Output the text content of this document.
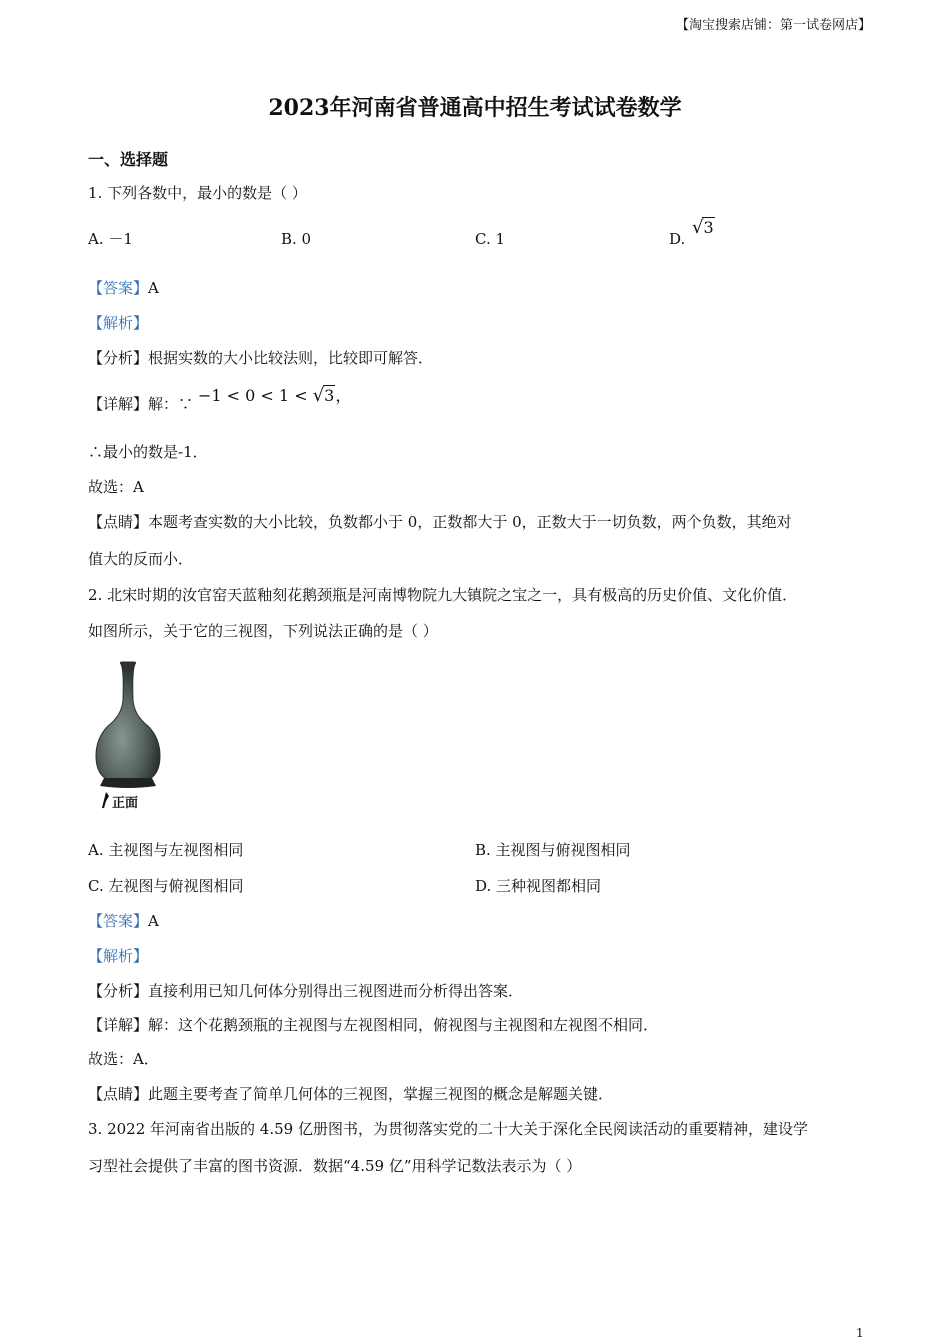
【淘宝搜索店铺：第一试卷网店】
2023年河南省普通高中招生考试试卷数学
一、选择题
1. 下列各数中，最小的数是（ ）
A. －1	B. 0	C. 1	D.
√3
【答案】A
【解析】
【分析】根据实数的大小比较法则，比较即可解答．
【详解】解：∵ −1 < 0 < 1 < √3，
∴最小的数是-1．
故选：A
【点睛】本题考查实数的大小比较，负数都小于 0，正数都大于 0，正数大于一切负数，两个负数，其绝对
值大的反而小．
2. 北宋时期的汝官窑天蓝釉刻花鹅颈瓶是河南博物院九大镇院之宝之一，具有极高的历史价值、文化价值．
如图所示，关于它的三视图，下列说法正确的是（ ）
正面
A. 主视图与左视图相同	B. 主视图与俯视图相同
C. 左视图与俯视图相同	D. 三种视图都相同
【答案】A
【解析】
【分析】直接利用已知几何体分别得出三视图进而分析得出答案．
【详解】解：这个花鹅颈瓶的主视图与左视图相同，俯视图与主视图和左视图不相同．
故选：A．
【点睛】此题主要考查了简单几何体的三视图，掌握三视图的概念是解题关键．
3. 2022 年河南省出版的 4.59 亿册图书，为贯彻落实党的二十大关于深化全民阅读活动的重要精神，建设学
习型社会提供了丰富的图书资源．数据“4.59 亿”用科学记数法表示为（ ）
1
